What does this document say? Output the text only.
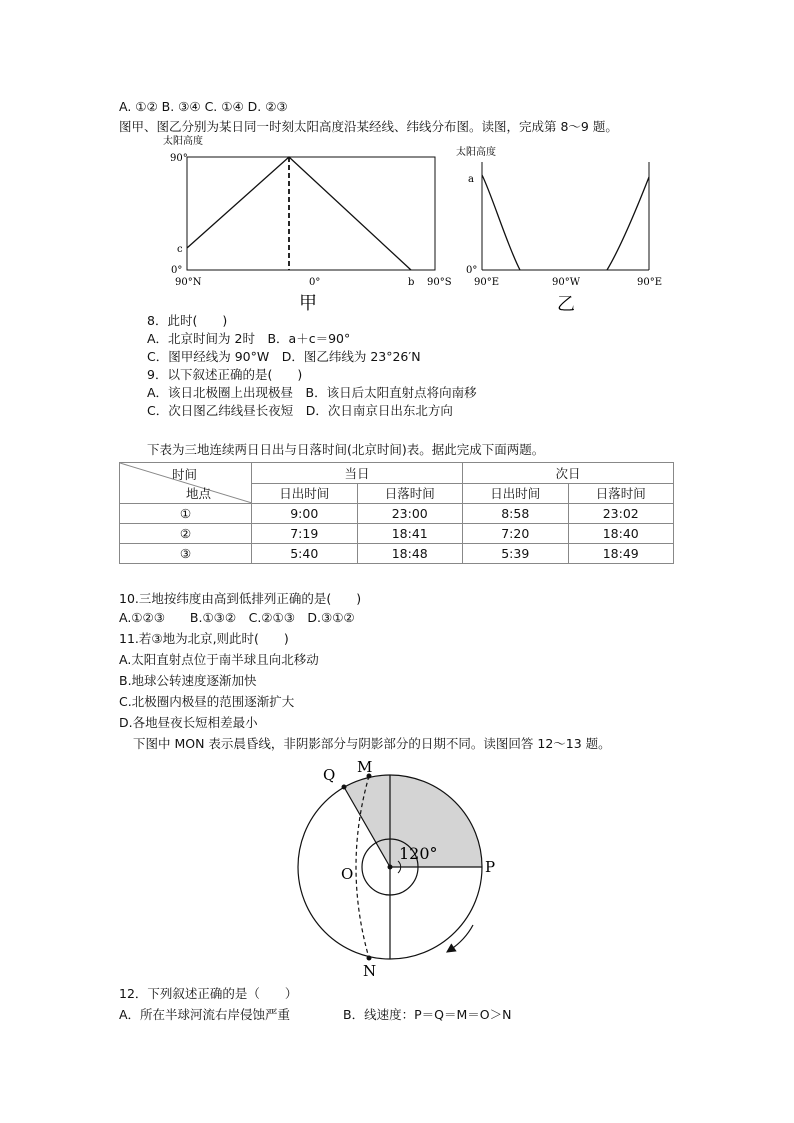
A. ①② B. ③④ C. ①④ D. ②③
图甲、图乙分别为某日同一时刻太阳高度沿某经线、纬线分布图。读图，完成第 8～9 题。
太阳高度
90°
c
0°
90°N	0°	b 90°S
甲
太阳高度
a
0°
90°E	90°W	90°E
乙
8．此时(　　)
A．北京时间为 2时　B．a＋c＝90°
C．图甲经线为 90°W　D．图乙纬线为 23°26′N
9．以下叙述正确的是(　　)
A．该日北极圈上出现极昼　B．该日后太阳直射点将向南移
C．次日图乙纬线昼长夜短　D．次日南京日出东北方向
下表为三地连续两日日出与日落时间(北京时间)表。据此完成下面两题。
时间
地点	当日		次日	
	日出时间	日落时间	日出时间	日落时间
①	9:00	23:00	8:58	23:02
②	7:19	18:41	7:20	18:40
③	5:40	18:48	5:39	18:49
10.三地按纬度由高到低排列正确的是(　　)
A.①②③　　B.①③②　C.②①③　D.③①②
11.若③地为北京,则此时(　　)
A.太阳直射点位于南半球且向北移动
B.地球公转速度逐渐加快
C.北极圈内极昼的范围逐渐扩大
D.各地昼夜长短相差最小
下图中 MON 表示晨昏线，非阴影部分与阴影部分的日期不同。读图回答 12～13 题。
Q M
O	P
N
120°
12．下列叙述正确的是（　　）
A．所在半球河流右岸侵蚀严重	B．线速度：P＝Q＝M＝O＞N
